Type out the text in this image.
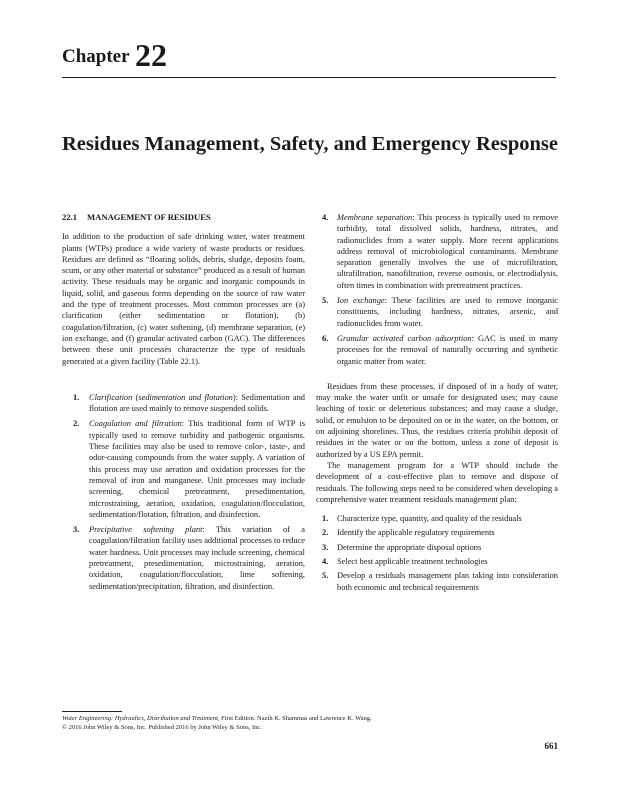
Chapter 22
Residues Management, Safety, and Emergency Response
22.1 MANAGEMENT OF RESIDUES

In addition to the production of safe drinking water, water treatment plants (WTPs) produce a wide variety of waste products or residues. Residues are defined as “floating solids, debris, sludge, deposits foam, scum, or any other material or substance” produced as a result of human activity. These residuals may be organic and inorganic compounds in liquid, solid, and gaseous forms depending on the source of raw water and the type of treatment processes. Most common processes are (a) clarification (either sedimentation or flotation), (b) coagulation/filtration, (c) water softening, (d) membrane separation, (e) ion exchange, and (f) granular activated carbon (GAC). The differences between these unit processes characterize the type of residuals generated at a given facility (Table 22.1).

1. Clarification (sedimentation and flotation): Sedimentation and flotation are used mainly to remove suspended solids.
2. Coagulation and filtration: This traditional form of WTP is typically used to remove turbidity and pathogenic organisms. These facilities may also be used to remove color-, taste-, and odor-causing compounds from the water supply. A variation of this process may use aeration and oxidation processes for the removal of iron and manganese. Unit processes may include screening, chemical pretreatment, presedimentation, microstraining, aeration, oxidation, coagulation/flocculation, sedimentation/flotation, filtration, and disinfection.
3. Precipitative softening plant: This variation of a coagulation/filtration facility uses additional processes to reduce water hardness. Unit processes may include screening, chemical pretreatment, presedimentation, microstraining, aeration, oxidation, coagulation/flocculation, lime softening, sedimentation/precipitation, filtration, and disinfection.
4. Membrane separation: This process is typically used to remove turbidity, total dissolved solids, hardness, nitrates, and radionuclides from a water supply. More recent applications address removal of microbiological contaminants. Membrane separation generally involves the use of microfiltration, ultrafiltration, nanofiltration, reverse osmosis, or electrodialysis, often times in combination with pretreatment practices.
5. Ion exchange: These facilities are used to remove inorganic constituents, including hardness, nitrates, arsenic, and radionuclides from water.
6. Granular activated carbon adsorption: GAC is used in many processes for the removal of naturally occurring and synthetic organic matter from water.

Residues from these processes, if disposed of in a body of water, may make the water unfit or unsafe for designated uses; may cause leaching of toxic or deleterious substances; and may cause a sludge, solid, or emulsion to be deposited on or in the water, on the bottom, or on adjoining shorelines. Thus, the residues criteria prohibit deposit of residues in the water or on the bottom, unless a zone of deposit is authorized by a US EPA permit.

The management program for a WTP should include the development of a cost-effective plan to remove and dispose of residuals. The following steps need to be considered when developing a comprehensive water treatment residuals management plan:

1. Characterize type, quantity, and quality of the residuals
2. Identify the applicable regulatory requirements
3. Determine the appropriate disposal options
4. Select best applicable treatment technologies
5. Develop a residuals management plan taking into consideration both economic and technical requirements
Water Engineering: Hydraulics, Distribution and Treatment, First Edition. Nazih K. Shammas and Lawrence K. Wang.
© 2016 John Wiley & Sons, Inc. Published 2016 by John Wiley & Sons, Inc.
661
